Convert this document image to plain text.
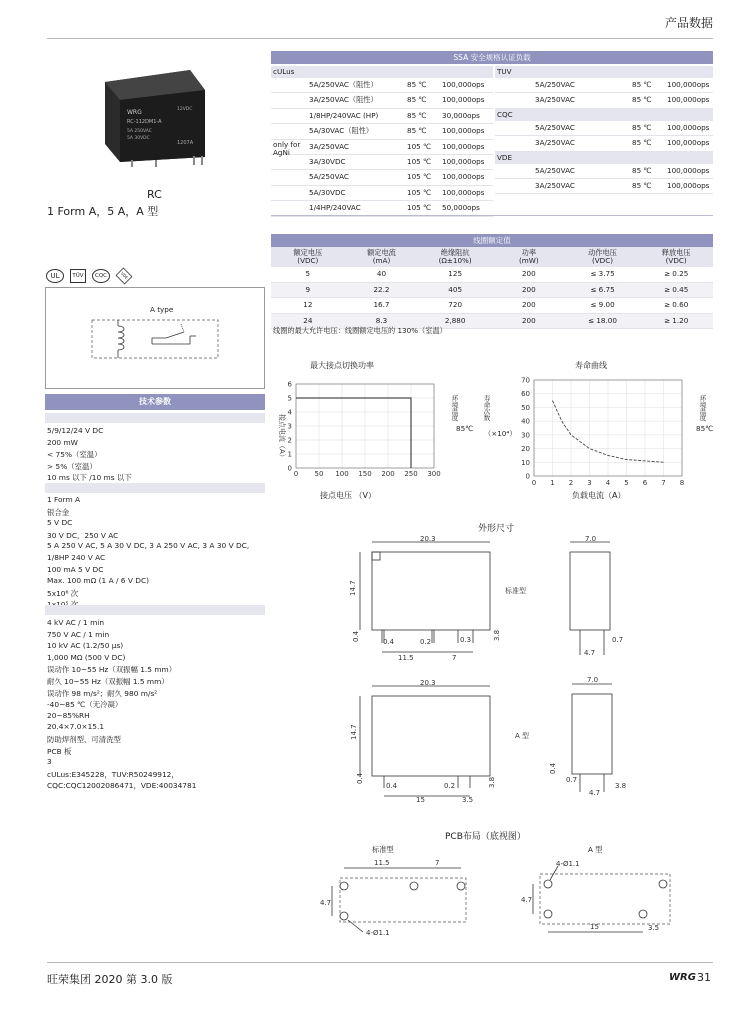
产品数据
WRG
RC-112DM1-A
5A 250VAC
5A 30VDC
12VDC
1207A
RC
1 Form A，5 A，A 型
UL	TÜV	CQC	VDE
A type
技术参数
5/9/12/24 V DC
200 mW
< 75%（室温）
> 5%（室温）
10 ms 以下 /10 ms 以下
1 Form A
银合金
5 V DC
30 V DC，250 V AC
5 A 250 V AC, 5 A 30 V DC, 3 A 250 V AC, 3 A 30 V DC,
1/8HP 240 V AC
100 mA 5 V DC
Max. 100 mΩ (1 A / 6 V DC)
5x10⁶ 次
4 kV AC / 1 min
750 V AC / 1 min
10 kV AC (1.2/50 μs)
1,000 MΩ (500 V DC)
误动作 10~55 Hz（双振幅 1.5 mm）
耐久 10~55 Hz（双振幅 1.5 mm）
误动作 98 m/s²；耐久 980 m/s²
-40~85 ℃（无冷凝）
20~85%RH
20.4×7.0×15.1
防助焊剂型、可清洗型
PCB 板
3
cULus:E345228，TUV:R50249912，
CQC:CQC12002086471，VDE:40034781
SSA 安全规格认证负载
cULus
5A/250VAC（阻性）	85 ℃ 100,000ops
3A/250VAC（阻性）	85 ℃ 100,000ops
1/8HP/240VAC (HP)	85 ℃ 30,000ops
5A/30VAC（阻性）	85 ℃ 100,000ops
only for AgNi
3A/250VAC	105 ℃ 100,000ops
3A/30VDC	105 ℃ 100,000ops
5A/250VAC	105 ℃ 100,000ops
5A/30VDC	105 ℃ 100,000ops
1/4HP/240VAC	105 ℃ 50,000ops
TUV
5A/250VAC	85 ℃ 100,000ops
3A/250VAC	85 ℃ 100,000ops
CQC
5A/250VAC	85 ℃ 100,000ops
3A/250VAC	85 ℃ 100,000ops
VDE
5A/250VAC	85 ℃ 100,000ops
3A/250VAC	85 ℃ 100,000ops
线圈额定值
额定电压
(VDC)
额定电流
(mA)
绝缘阻抗
(Ω±10%)
功率
(mW)
动作电压
(VDC)
释放电压
(VDC)
5	40	125	200	≤ 3.75	≥ 0.25
9	22.2	405	200	≤ 6.75	≥ 0.45
12	16.7	720	200	≤ 9.00	≥ 0.60
24	8.3	2,880	200	≤ 18.00	≥ 1.20
线圈的最大允许电压：线圈额定电压的 130%（室温）
最大接点切换功率
0 50 100 150 200 250 300
0
1
2
3
4
5
6
接点电流（A）
接点电压 （V）
环境温度

85℃
寿命曲线
寿命次数
（×10⁴）
0 1 2 3 4 5 6 7 8
0
10
20
30
40
50
60
70
负载电流（A）
环境温度
85℃
外形尺寸
20.3
14.7
0.4	0.2	0.3
0.4	3.8
11.5	7
标准型
7.0
0.7
4.7
20.3
14.7
0.4	0.2
0.4	3.8
15	3.5
A 型
7.0
0.7
4.7
3.8
0.4
PCB布局（底视图）
标准型	A 型
11.5	7
4.7
4-Ø1.1
4.7
4-Ø1.1
15	3.5
旺荣集团 2020 第 3.0 版	WRG 31
